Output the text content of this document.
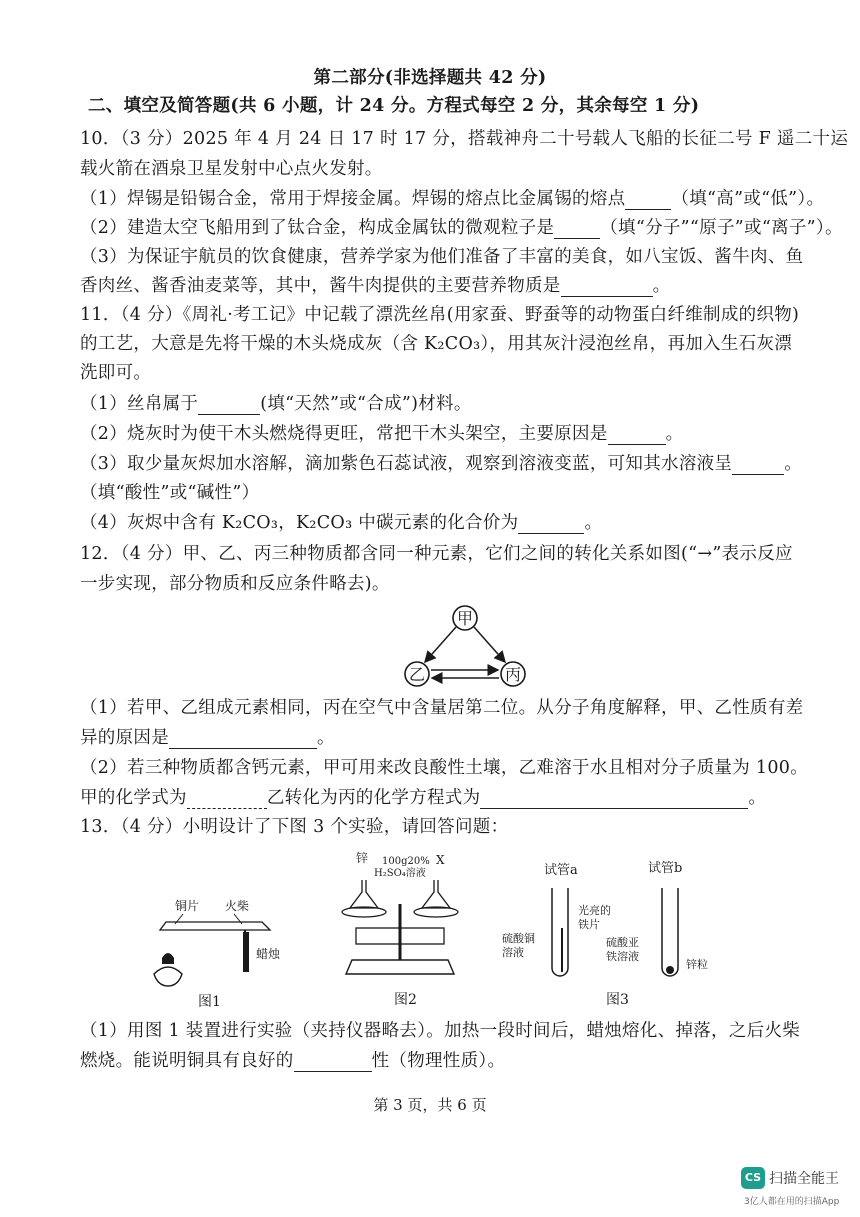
第二部分(非选择题共 42 分)
二、填空及简答题(共 6 小题，计 24 分。方程式每空 2 分，其余每空 1 分)
10．（3 分）2025 年 4 月 24 日 17 时 17 分，搭载神舟二十号载人飞船的长征二号 F 遥二十运
载火箭在酒泉卫星发射中心点火发射。
（1）焊锡是铅锡合金，常用于焊接金属。焊锡的熔点比金属锡的熔点	（填“高”或“低”）。
（2）建造太空飞船用到了钛合金，构成金属钛的微观粒子是	（填“分子”“原子”或“离子”）。
（3）为保证宇航员的饮食健康，营养学家为他们准备了丰富的美食，如八宝饭、酱牛肉、鱼
香肉丝、酱香油麦菜等，其中，酱牛肉提供的主要营养物质是	。
11．（4 分）《周礼·考工记》中记载了漂洗丝帛(用家蚕、野蚕等的动物蛋白纤维制成的织物)
的工艺，大意是先将干燥的木头烧成灰（含 K₂CO₃），用其灰汁浸泡丝帛，再加入生石灰漂
洗即可。
（1）丝帛属于	(填“天然”或“合成”)材料。
（2）烧灰时为使干木头燃烧得更旺，常把干木头架空，主要原因是	。
（3）取少量灰烬加水溶解，滴加紫色石蕊试液，观察到溶液变蓝，可知其水溶液呈	。
（填“酸性”或“碱性”）
（4）灰烬中含有 K₂CO₃，K₂CO₃ 中碳元素的化合价为	。
12．（4 分）甲、乙、丙三种物质都含同一种元素，它们之间的转化关系如图(“→”表示反应
一步实现，部分物质和反应条件略去)。
甲
乙	丙
（1）若甲、乙组成元素相同，丙在空气中含量居第二位。从分子角度解释，甲、乙性质有差
异的原因是	。
（2）若三种物质都含钙元素，甲可用来改良酸性土壤，乙难溶于水且相对分子质量为 100。
甲的化学式为	乙转化为丙的化学方程式为	。
13．（4 分）小明设计了下图 3 个实验，请回答问题：
铜片 火柴
蜡烛
图1
锌 100g20%
H₂SO₄溶液
X
图2
试管a	试管b
光亮的
铁片
硫酸铜
溶液
硫酸亚
铁溶液
锌粒
图3
（1）用图 1 装置进行实验（夹持仪器略去）。加热一段时间后，蜡烛熔化、掉落，之后火柴
燃烧。能说明铜具有良好的	性（物理性质）。
第 3 页，共 6 页
CS 扫描全能王
3亿人都在用的扫描App
